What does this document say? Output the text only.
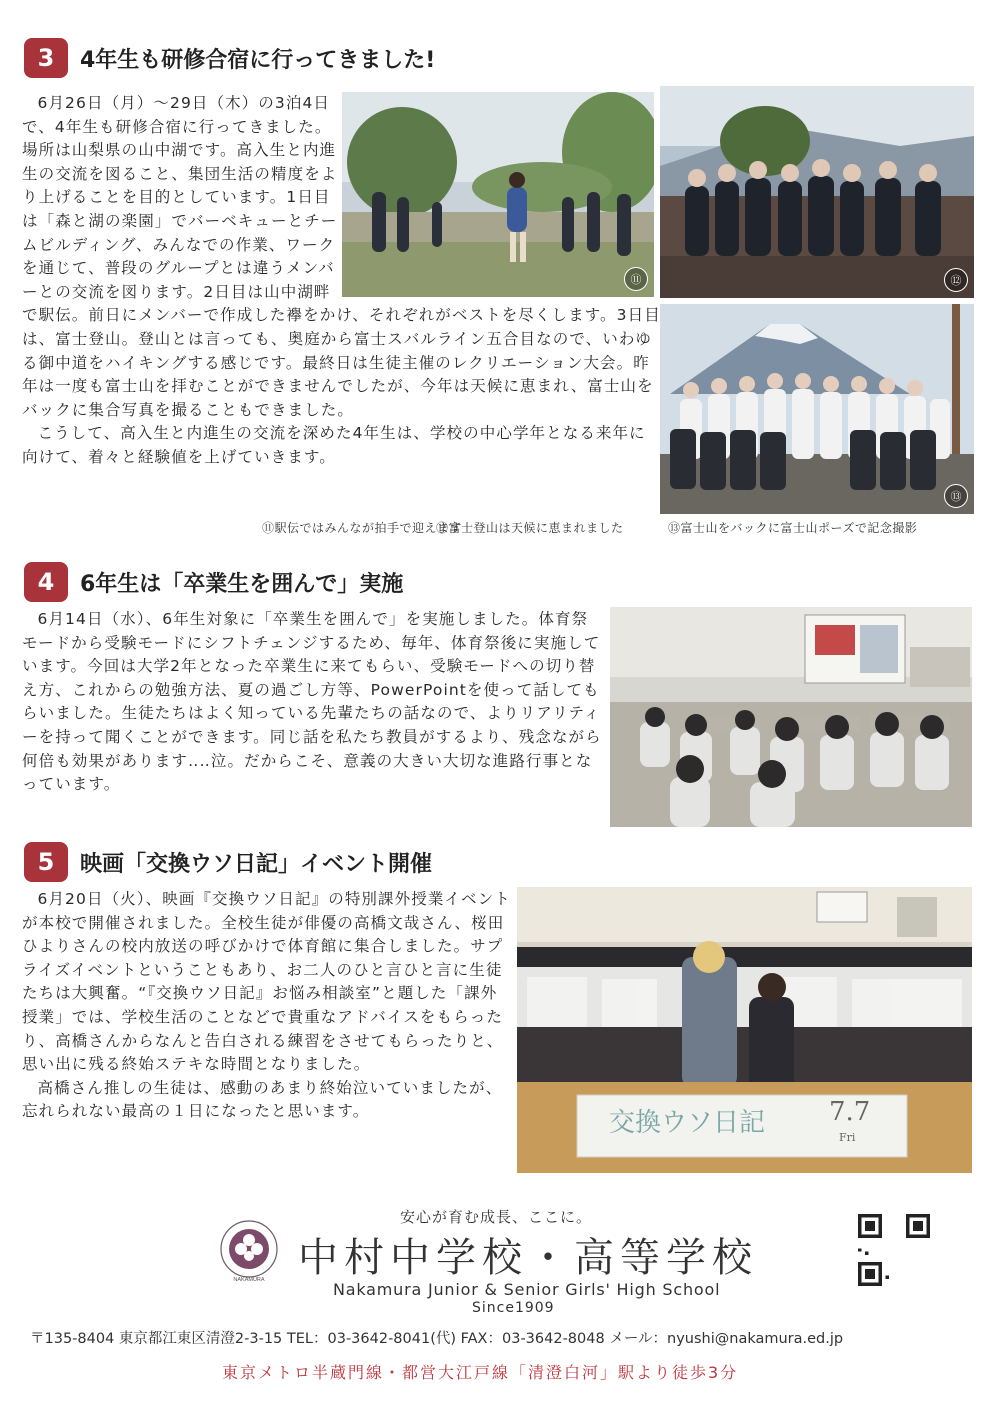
3	4年生も研修合宿に行ってきました!
⑪	⑫
⑬

6月26日（月）～29日（木）の3泊4日で、4年生も研修合宿に行ってきました。場所は山梨県の山中湖です。高入生と内進生の交流を図ること、集団生活の精度をより上げることを目的としています。1日目は「森と湖の楽園」でバーベキューとチームビルディング、みんなでの作業、ワークを通じて、普段のグループとは違うメンバーとの交流を図ります。2日目は山中湖畔で駅伝。前日にメンバーで作成した襷をかけ、それぞれがベストを尽くします。3日目は、富士登山。登山とは言っても、奥庭から富士スバルライン五合目なので、いわゆる御中道をハイキングする感じです。最終日は生徒主催のレクリエーション大会。昨年は一度も富士山を拝むことができませんでしたが、今年は天候に恵まれ、富士山をバックに集合写真を撮ることもできました。

こうして、高入生と内進生の交流を深めた4年生は、学校の中心学年となる来年に向けて、着々と経験値を上げていきます。

⑪駅伝ではみんなが拍手で迎えます
⑫富士登山は天候に恵まれました	⑬富士山をバックに富士山ポーズで記念撮影
4	6年生は「卒業生を囲んで」実施

6月14日（水）、6年生対象に「卒業生を囲んで」を実施しました。体育祭モードから受験モードにシフトチェンジするため、毎年、体育祭後に実施しています。今回は大学2年となった卒業生に来てもらい、受験モードへの切り替え方、これからの勉強方法、夏の過ごし方等、PowerPointを使って話してもらいました。生徒たちはよく知っている先輩たちの話なので、よりリアリティーを持って聞くことができます。同じ話を私たち教員がするより、残念ながら何倍も効果があります‥‥泣。だからこそ、意義の大きい大切な進路行事となっています。

5	映画「交換ウソ日記」イベント開催

6月20日（火）、映画『交換ウソ日記』の特別課外授業イベントが本校で開催されました。全校生徒が俳優の高橋文哉さん、桜田ひよりさんの校内放送の呼びかけで体育館に集合しました。サプライズイベントということもあり、お二人のひと言ひと言に生徒たちは大興奮。“『交換ウソ日記』お悩み相談室”と題した「課外授業」では、学校生活のことなどで貴重なアドバイスをもらったり、高橋さんからなんと告白される練習をさせてもらったりと、思い出に残る終始ステキな時間となりました。

高橋さん推しの生徒は、感動のあまり終始泣いていましたが、忘れられない最高の１日になったと思います。	交換ウソ日記 7.7
Fri
安心が育む成長、ここに。
NAKAMURA 中村中学校・高等学校
Nakamura Junior & Senior Girls' High School
Since1909
〒135-8404 東京都江東区清澄2-3-15 TEL：03-3642-8041(代) FAX：03-3642-8048 メール：nyushi@nakamura.ed.jp
東京メトロ半蔵門線・都営大江戸線「清澄白河」駅より徒歩3分
